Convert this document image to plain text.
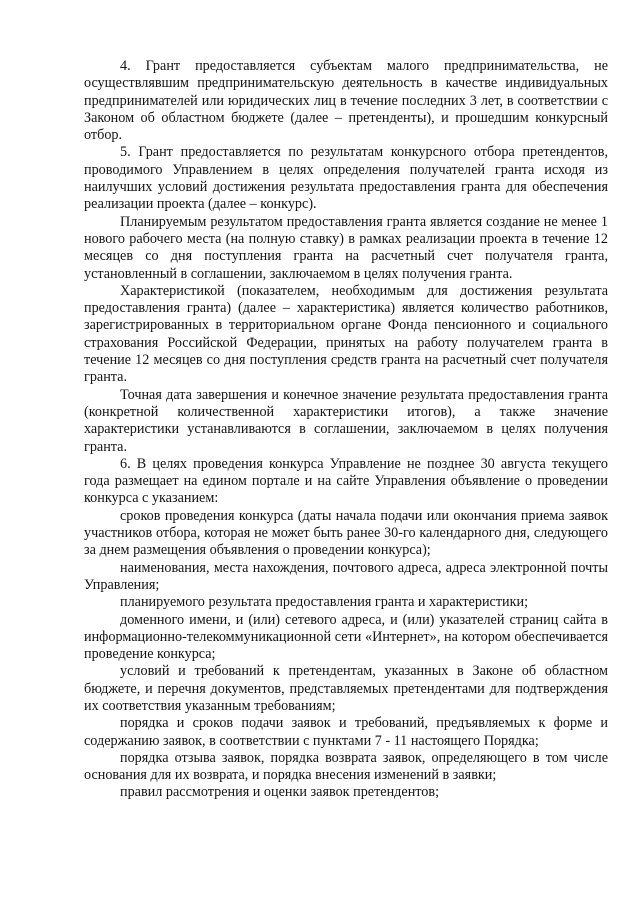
4. Грант предоставляется субъектам малого предпринимательства, не осуществлявшим предпринимательскую деятельность в качестве индивидуальных предпринимателей или юридических лиц в течение последних 3 лет, в соответствии с Законом об областном бюджете (далее – претенденты), и прошедшим конкурсный отбор.

5. Грант предоставляется по результатам конкурсного отбора претендентов, проводимого Управлением в целях определения получателей гранта исходя из наилучших условий достижения результата предоставления гранта для обеспечения реализации проекта (далее – конкурс).

Планируемым результатом предоставления гранта является создание не менее 1 нового рабочего места (на полную ставку) в рамках реализации проекта в течение 12 месяцев со дня поступления гранта на расчетный счет получателя гранта, установленный в соглашении, заключаемом в целях получения гранта.

Характеристикой (показателем, необходимым для достижения результата предоставления гранта) (далее – характеристика) является количество работников, зарегистрированных в территориальном органе Фонда пенсионного и социального страхования Российской Федерации, принятых на работу получателем гранта в течение 12 месяцев со дня поступления средств гранта на расчетный счет получателя гранта.

Точная дата завершения и конечное значение результата предоставления гранта (конкретной количественной характеристики итогов), а также значение характеристики устанавливаются в соглашении, заключаемом в целях получения гранта.

6. В целях проведения конкурса Управление не позднее 30 августа текущего года размещает на едином портале и на сайте Управления объявление о проведении конкурса с указанием:

сроков проведения конкурса (даты начала подачи или окончания приема заявок участников отбора, которая не может быть ранее 30-го календарного дня, следующего за днем размещения объявления о проведении конкурса);

наименования, места нахождения, почтового адреса, адреса электронной почты Управления;

планируемого результата предоставления гранта и характеристики;

доменного имени, и (или) сетевого адреса, и (или) указателей страниц сайта в информационно-телекоммуникационной сети «Интернет», на котором обеспечивается проведение конкурса;

условий и требований к претендентам, указанных в Законе об областном бюджете, и перечня документов, представляемых претендентами для подтверждения их соответствия указанным требованиям;

порядка и сроков подачи заявок и требований, предъявляемых к форме и содержанию заявок, в соответствии с пунктами 7 - 11 настоящего Порядка;

порядка отзыва заявок, порядка возврата заявок, определяющего в том числе основания для их возврата, и порядка внесения изменений в заявки;

правил рассмотрения и оценки заявок претендентов;
